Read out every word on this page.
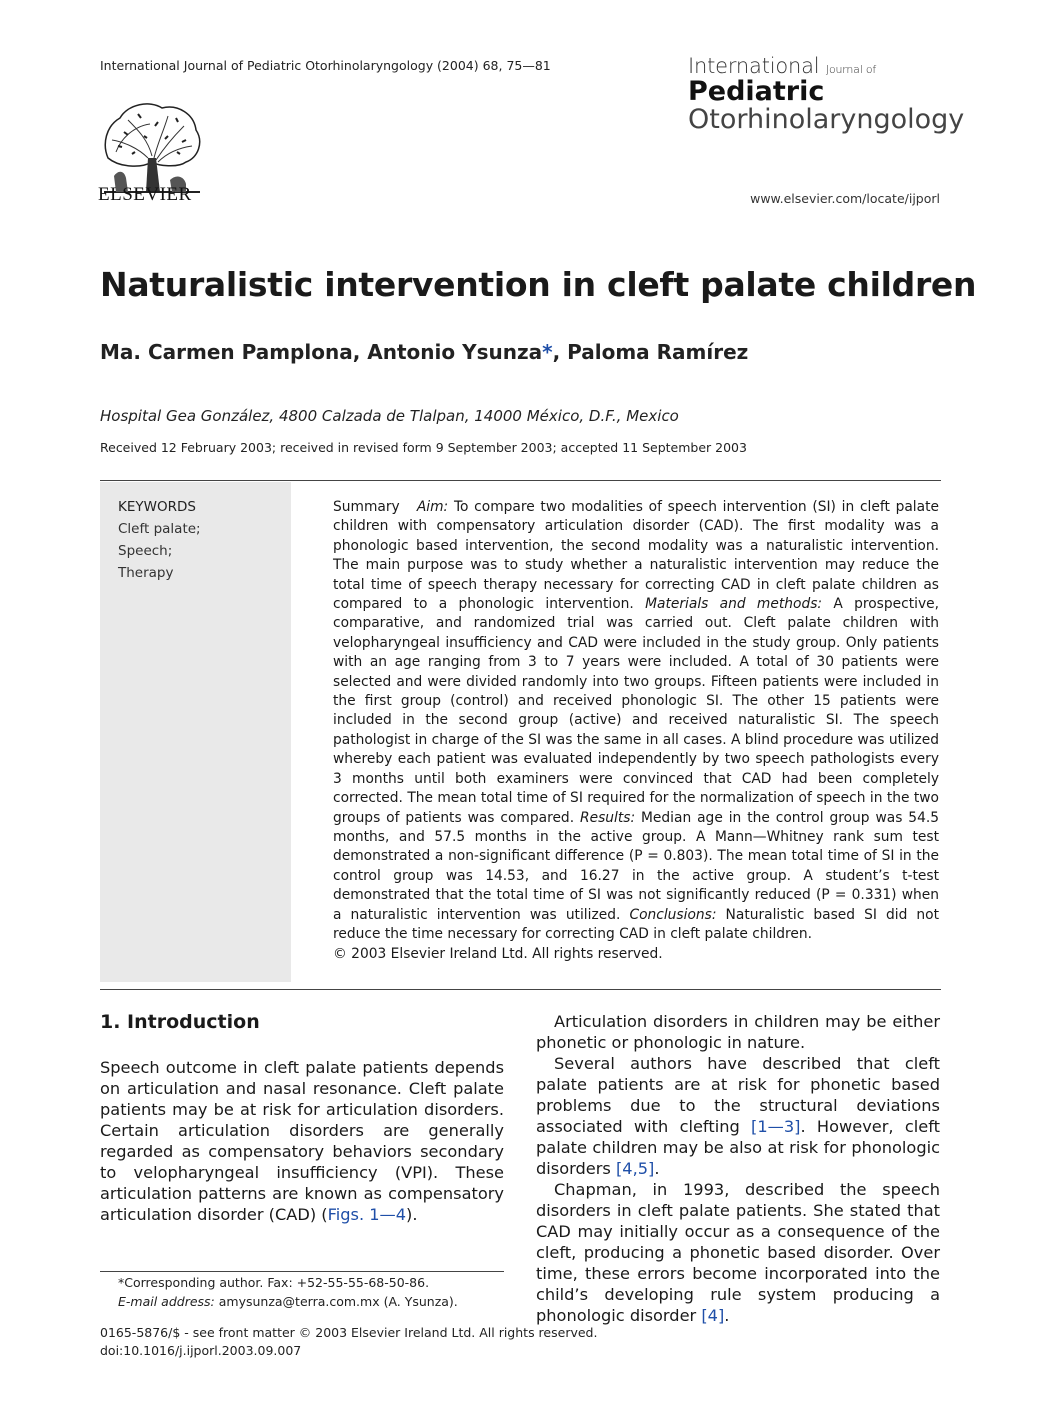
International Journal of Pediatric Otorhinolaryngology (2004) 68, 75—81
ELSEVIER
International Journal of
Pediatric
Otorhinolaryngology
www.elsevier.com/locate/ijporl
Naturalistic intervention in cleft palate children
Ma. Carmen Pamplona, Antonio Ysunza*, Paloma Ramírez
Hospital Gea González, 4800 Calzada de Tlalpan, 14000 México, D.F., Mexico
Received 12 February 2003; received in revised form 9 September 2003; accepted 11 September 2003
KEYWORDS
Cleft palate;
Speech;
Therapy
Summary Aim: To compare two modalities of speech intervention (SI) in cleft palate children with compensatory articulation disorder (CAD). The first modality was a phonologic based intervention, the second modality was a naturalistic intervention. The main purpose was to study whether a naturalistic intervention may reduce the total time of speech therapy necessary for correcting CAD in cleft palate children as compared to a phonologic intervention. Materials and methods: A prospective, comparative, and randomized trial was carried out. Cleft palate children with velopharyngeal insufficiency and CAD were included in the study group. Only patients with an age ranging from 3 to 7 years were included. A total of 30 patients were selected and were divided randomly into two groups. Fifteen patients were included in the first group (control) and received phonologic SI. The other 15 patients were included in the second group (active) and received naturalistic SI. The speech pathologist in charge of the SI was the same in all cases. A blind procedure was utilized whereby each patient was evaluated independently by two speech pathologists every 3 months until both examiners were convinced that CAD had been completely corrected. The mean total time of SI required for the normalization of speech in the two groups of patients was compared. Results: Median age in the control group was 54.5 months, and 57.5 months in the active group. A Mann—Whitney rank sum test demonstrated a non-significant difference (P = 0.803). The mean total time of SI in the control group was 14.53, and 16.27 in the active group. A student’s t-test demonstrated that the total time of SI was not significantly reduced (P = 0.331) when a naturalistic intervention was utilized. Conclusions: Naturalistic based SI did not reduce the time necessary for correcting CAD in cleft palate children.
© 2003 Elsevier Ireland Ltd. All rights reserved.
1. Introduction

Speech outcome in cleft palate patients depends on articulation and nasal resonance. Cleft palate patients may be at risk for articulation disorders. Certain articulation disorders are generally regarded as compensatory behaviors secondary to velopharyngeal insufficiency (VPI). These articulation patterns are known as compensatory articulation disorder (CAD) (Figs. 1—4).

Articulation disorders in children may be either phonetic or phonologic in nature.

Several authors have described that cleft palate patients are at risk for phonetic based problems due to the structural deviations associated with clefting [1—3]. However, cleft palate children may be also at risk for phonologic disorders [4,5].

Chapman, in 1993, described the speech disorders in cleft palate patients. She stated that CAD may initially occur as a consequence of the cleft, producing a phonetic based disorder. Over time, these errors become incorporated into the child’s developing rule system producing a phonologic disorder [4].

*Corresponding author. Fax: +52-55-55-68-50-86.
E-mail address: amysunza@terra.com.mx (A. Ysunza).
0165-5876/$ - see front matter © 2003 Elsevier Ireland Ltd. All rights reserved.
doi:10.1016/j.ijporl.2003.09.007
